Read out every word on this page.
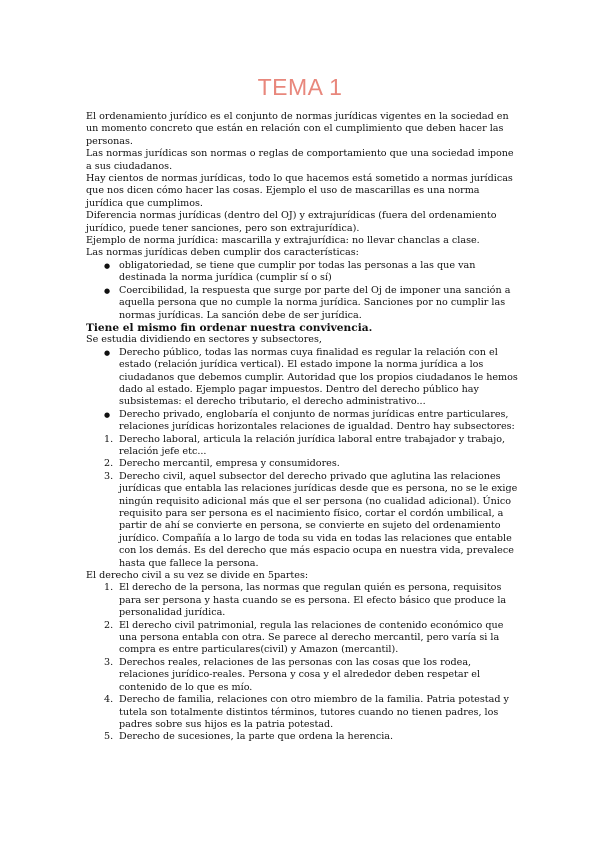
TEMA 1

El ordenamiento jurídico es el conjunto de normas jurídicas vigentes en la sociedad en un momento concreto que están en relación con el cumplimiento que deben hacer las personas.

Las normas jurídicas son normas o reglas de comportamiento que una sociedad impone a sus ciudadanos.

Hay cientos de normas jurídicas, todo lo que hacemos está sometido a normas jurídicas que nos dicen cómo hacer las cosas. Ejemplo el uso de mascarillas es una norma jurídica que cumplimos.

Diferencia normas jurídicas (dentro del OJ) y extrajurídicas (fuera del ordenamiento jurídico, puede tener sanciones, pero son extrajurídica).

Ejemplo de norma jurídica: mascarilla y extrajurídica: no llevar chanclas a clase.

Las normas jurídicas deben cumplir dos características:

● obligatoriedad, se tiene que cumplir por todas las personas a las que van destinada la norma jurídica (cumplir sí o sí)
● Coercibilidad, la respuesta que surge por parte del Oj de imponer una sanción a aquella persona que no cumple la norma jurídica. Sanciones por no cumplir las normas jurídicas. La sanción debe de ser jurídica.

Tiene el mismo fin ordenar nuestra convivencia.

Se estudia dividiendo en sectores y subsectores,

● Derecho público, todas las normas cuya finalidad es regular la relación con el estado (relación jurídica vertical). El estado impone la norma jurídica a los ciudadanos que debemos cumplir. Autoridad que los propios ciudadanos le hemos dado al estado. Ejemplo pagar impuestos. Dentro del derecho público hay subsistemas: el derecho tributario, el derecho administrativo...
● Derecho privado, englobaría el conjunto de normas jurídicas entre particulares, relaciones jurídicas horizontales relaciones de igualdad. Dentro hay subsectores:
1. Derecho laboral, articula la relación jurídica laboral entre trabajador y trabajo, relación jefe etc...
2. Derecho mercantil, empresa y consumidores.
3. Derecho civil, aquel subsector del derecho privado que aglutina las relaciones jurídicas que entabla las relaciones jurídicas desde que es persona, no se le exige ningún requisito adicional más que el ser persona (no cualidad adicional). Único requisito para ser persona es el nacimiento físico, cortar el cordón umbilical, a partir de ahí se convierte en persona, se convierte en sujeto del ordenamiento jurídico. Compañía a lo largo de toda su vida en todas las relaciones que entable con los demás. Es del derecho que más espacio ocupa en nuestra vida, prevalece hasta que fallece la persona.

El derecho civil a su vez se divide en 5partes:

1. El derecho de la persona, las normas que regulan quién es persona, requisitos para ser persona y hasta cuando se es persona. El efecto básico que produce la personalidad jurídica.
2. El derecho civil patrimonial, regula las relaciones de contenido económico que una persona entabla con otra. Se parece al derecho mercantil, pero varía si la compra es entre particulares(civil) y Amazon (mercantil).
3. Derechos reales, relaciones de las personas con las cosas que los rodea, relaciones jurídico-reales. Persona y cosa y el alrededor deben respetar el contenido de lo que es mío.
4. Derecho de familia, relaciones con otro miembro de la familia. Patria potestad y tutela son totalmente distintos términos, tutores cuando no tienen padres, los padres sobre sus hijos es la patria potestad.
5. Derecho de sucesiones, la parte que ordena la herencia.
